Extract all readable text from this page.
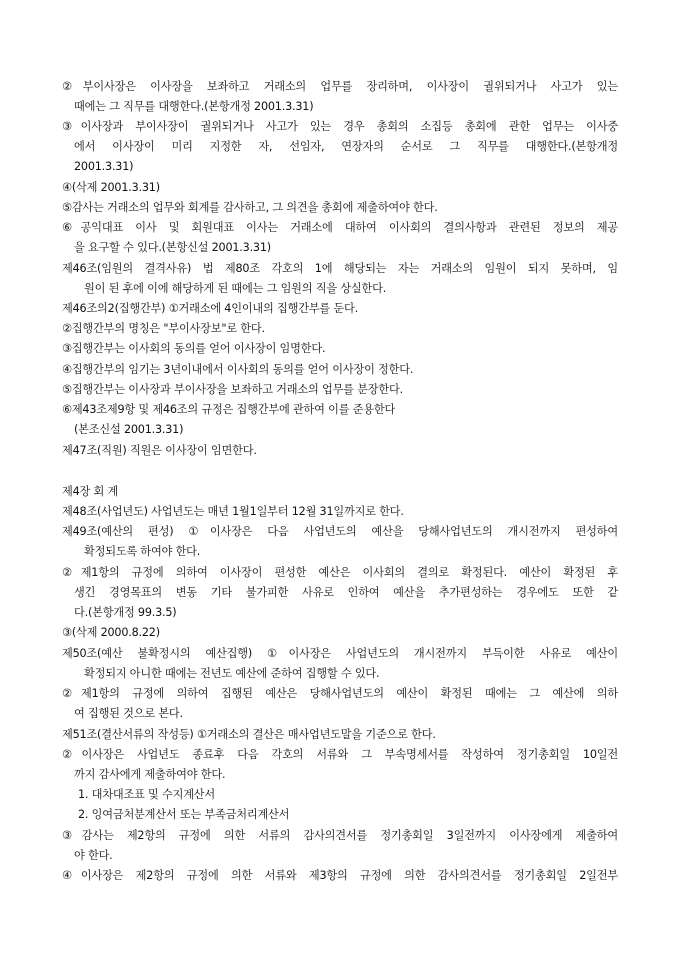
②부이사장은 이사장을 보좌하고 거래소의 업무를 장리하며, 이사장이 궐위되거나 사고가 있는
때에는 그 직무를 대행한다.(본항개정 2001.3.31)
③이사장과 부이사장이 궐위되거나 사고가 있는 경우 총회의 소집등 총회에 관한 업무는 이사중
에서 이사장이 미리 지정한 자, 선임자, 연장자의 순서로 그 직무를 대행한다.(본항개정
2001.3.31)
④(삭제 2001.3.31)
⑤감사는 거래소의 업무와 회계를 감사하고, 그 의견을 총회에 제출하여야 한다.
⑥공익대표 이사 및 회원대표 이사는 거래소에 대하여 이사회의 결의사항과 관련된 정보의 제공
을 요구할 수 있다.(본항신설 2001.3.31)
제46조(임원의 결격사유) 법 제80조 각호의 1에 해당되는 자는 거래소의 임원이 되지 못하며, 임
원이 된 후에 이에 해당하게 된 때에는 그 임원의 직을 상실한다.
제46조의2(집행간부) ①거래소에 4인이내의 집행간부를 둔다.
②집행간부의 명칭은 "부이사장보"로 한다.
③집행간부는 이사회의 동의를 얻어 이사장이 임명한다.
④집행간부의 임기는 3년이내에서 이사회의 동의를 얻어 이사장이 정한다.
⑤집행간부는 이사장과 부이사장을 보좌하고 거래소의 업무를 분장한다.
⑥제43조제9항 및 제46조의 규정은 집행간부에 관하여 이를 준용한다
(본조신설 2001.3.31)
제47조(직원) 직원은 이사장이 임면한다.
제4장 회 계
제48조(사업년도) 사업년도는 매년 1월1일부터 12월 31일까지로 한다.
제49조(예산의 편성) ①이사장은 다음 사업년도의 예산을 당해사업년도의 개시전까지 편성하여
확정되도록 하여야 한다.
②제1항의 규정에 의하여 이사장이 편성한 예산은 이사회의 결의로 확정된다. 예산이 확정된 후
생긴 경영목표의 변동 기타 불가피한 사유로 인하여 예산을 추가편성하는 경우에도 또한 같
다.(본항개정 99.3.5)
③(삭제 2000.8.22)
제50조(예산 불확정시의 예산집행) ①이사장은 사업년도의 개시전까지 부득이한 사유로 예산이
확정되지 아니한 때에는 전년도 예산에 준하여 집행할 수 있다.
②제1항의 규정에 의하여 집행된 예산은 당해사업년도의 예산이 확정된 때에는 그 예산에 의하
여 집행된 것으로 본다.
제51조(결산서류의 작성등) ①거래소의 결산은 매사업년도말을 기준으로 한다.
②이사장은 사업년도 종료후 다음 각호의 서류와 그 부속명세서를 작성하여 정기총회일 10일전
까지 감사에게 제출하여야 한다.
1. 대차대조표 및 수지계산서
2. 잉여금처분계산서 또는 부족금처리계산서
③감사는 제2항의 규정에 의한 서류의 감사의견서를 정기총회일 3일전까지 이사장에게 제출하여
야 한다.
④이사장은 제2항의 규정에 의한 서류와 제3항의 규정에 의한 감사의견서를 정기총회일 2일전부
